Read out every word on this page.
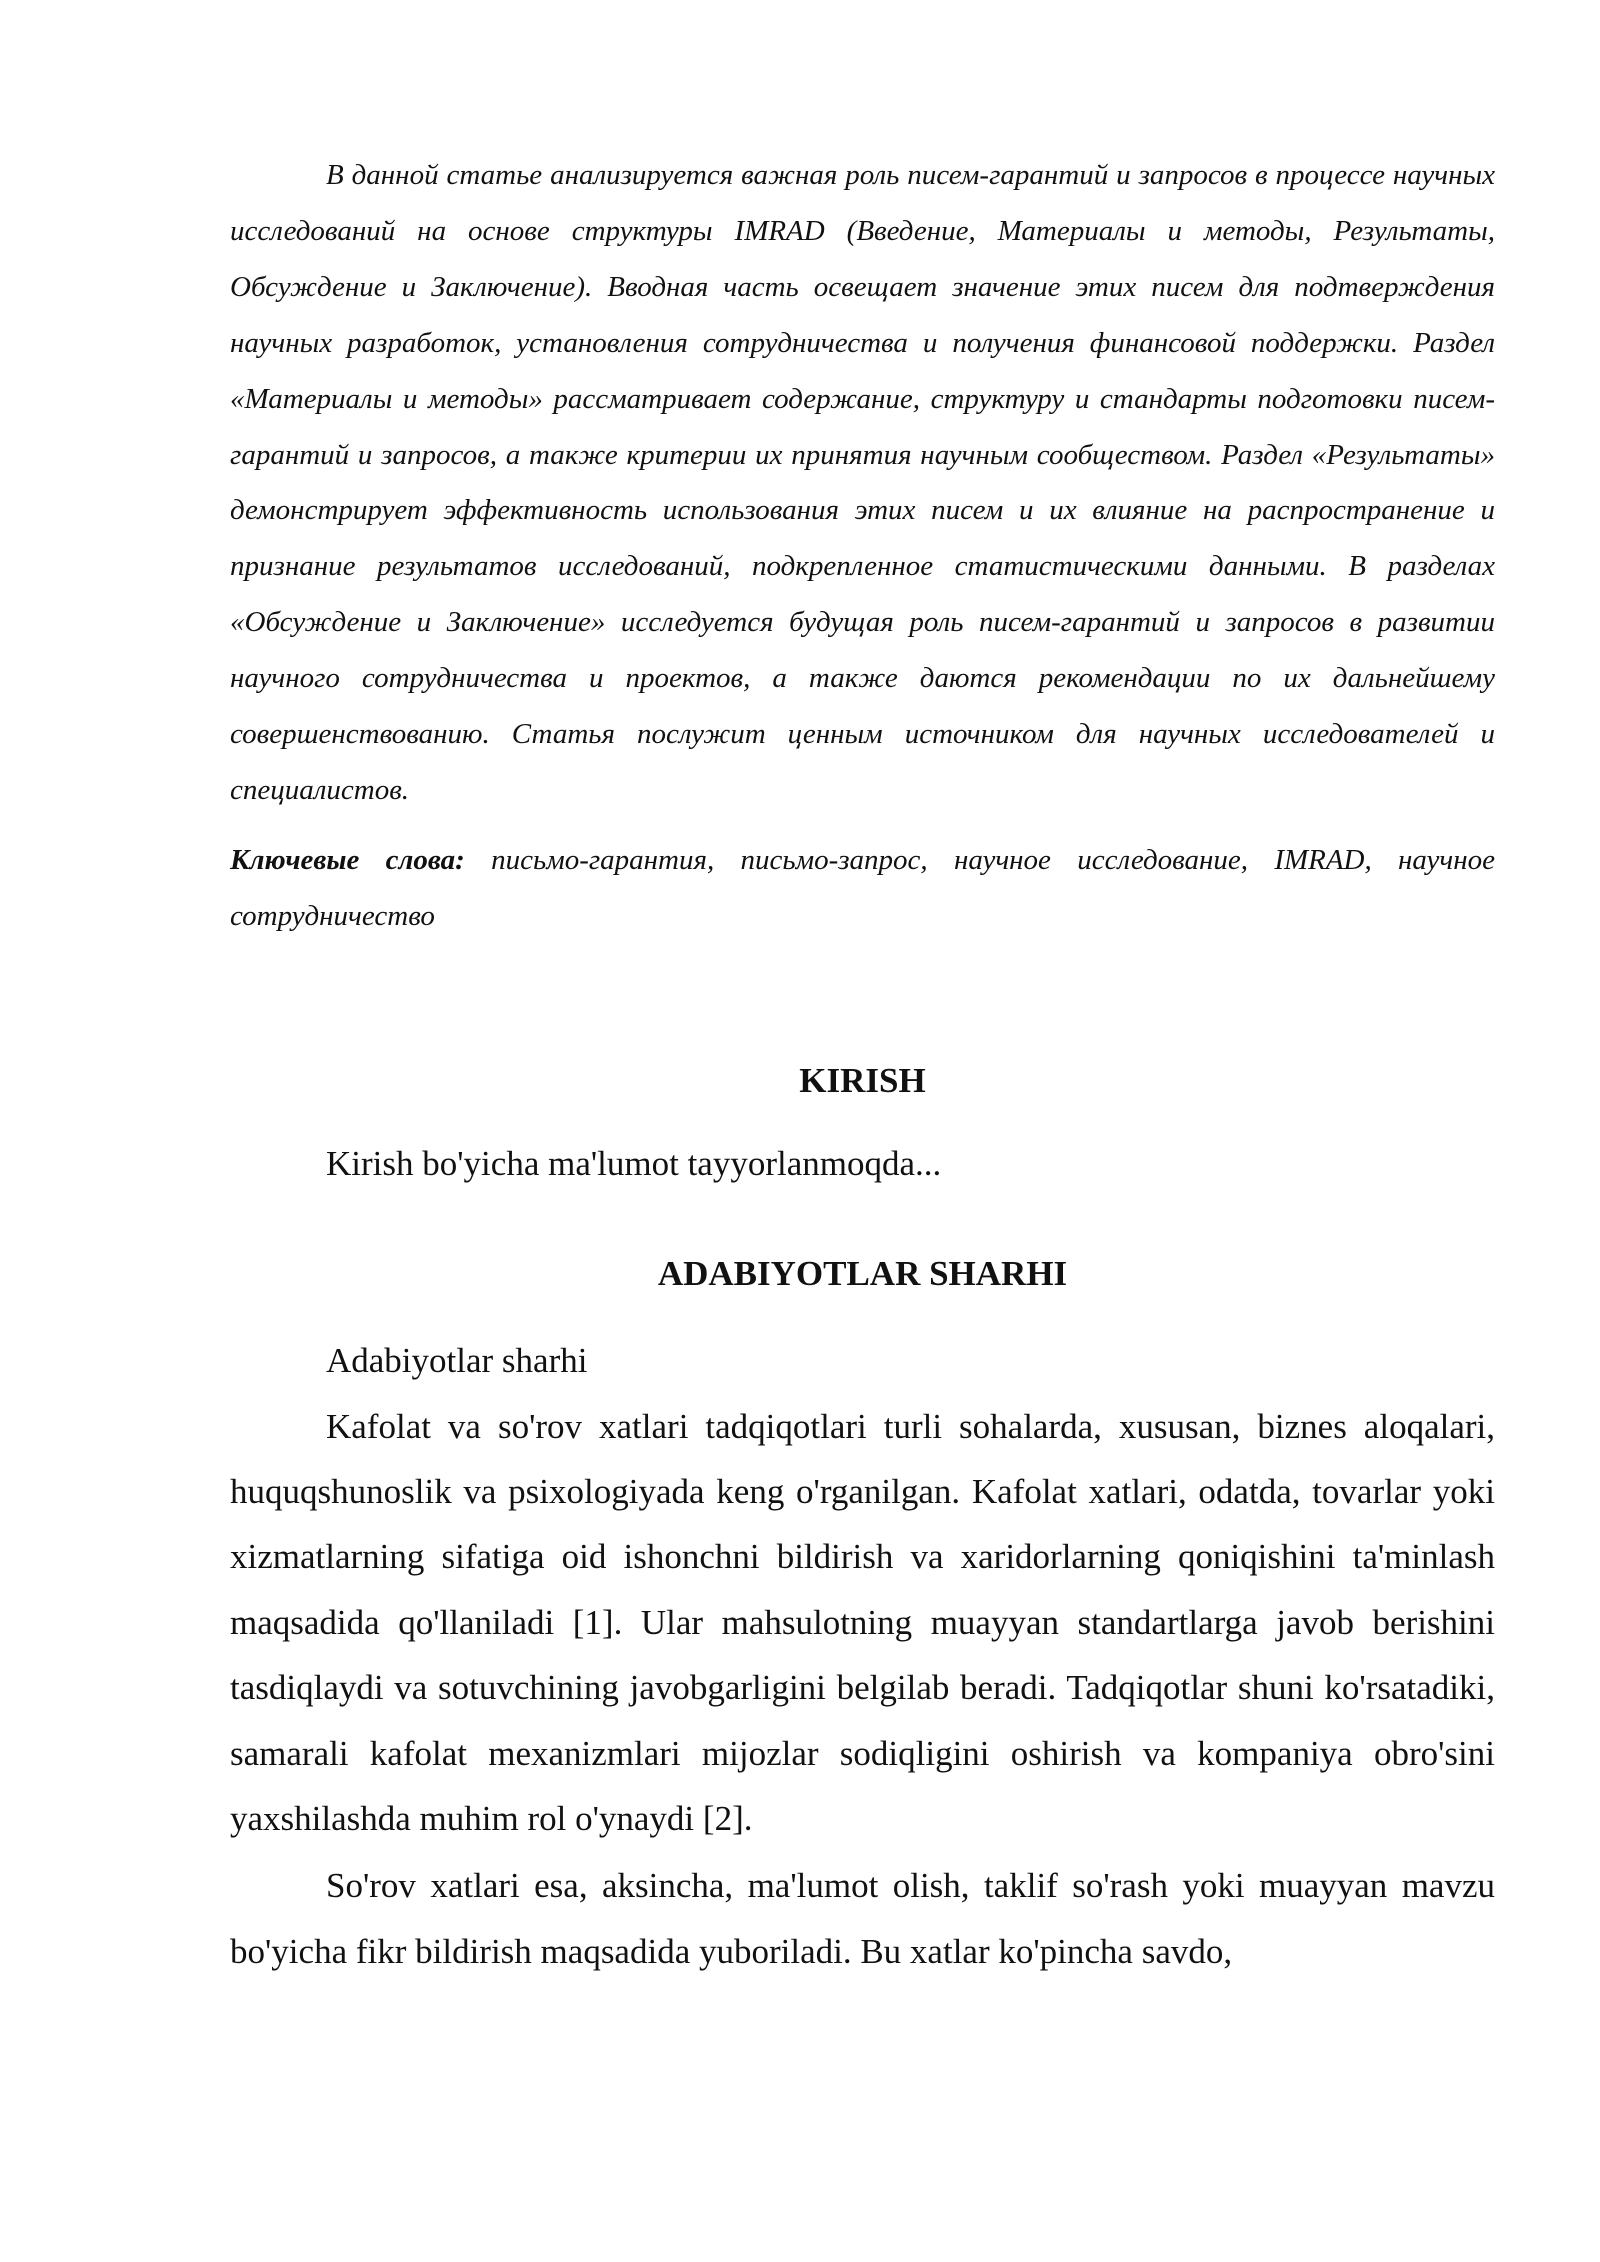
В данной статье анализируется важная роль писем-гарантий и запросов в процессе научных исследований на основе структуры IMRAD (Введение, Материалы и методы, Результаты, Обсуждение и Заключение). Вводная часть освещает значение этих писем для подтверждения научных разработок, установления сотрудничества и получения финансовой поддержки. Раздел «Материалы и методы» рассматривает содержание, структуру и стандарты подготовки писем-гарантий и запросов, а также критерии их принятия научным сообществом. Раздел «Результаты» демонстрирует эффективность использования этих писем и их влияние на распространение и признание результатов исследований, подкрепленное статистическими данными. В разделах «Обсуждение и Заключение» исследуется будущая роль писем-гарантий и запросов в развитии научного сотрудничества и проектов, а также даются рекомендации по их дальнейшему совершенствованию. Статья послужит ценным источником для научных исследователей и специалистов.

Ключевые слова: письмо-гарантия, письмо-запрос, научное исследование, IMRAD, научное сотрудничество

KIRISH

Kirish bo'yicha ma'lumot tayyorlanmoqda...

ADABIYOTLAR SHARHI

Adabiyotlar sharhi

Kafolat va so'rov xatlari tadqiqotlari turli sohalarda, xususan, biznes aloqalari, huquqshunoslik va psixologiyada keng o'rganilgan. Kafolat xatlari, odatda, tovarlar yoki xizmatlarning sifatiga oid ishonchni bildirish va xaridorlarning qoniqishini ta'minlash maqsadida qo'llaniladi [1]. Ular mahsulotning muayyan standartlarga javob berishini tasdiqlaydi va sotuvchining javobgarligini belgilab beradi. Tadqiqotlar shuni ko'rsatadiki, samarali kafolat mexanizmlari mijozlar sodiqligini oshirish va kompaniya obro'sini yaxshilashda muhim rol o'ynaydi [2].

So'rov xatlari esa, aksincha, ma'lumot olish, taklif so'rash yoki muayyan mavzu bo'yicha fikr bildirish maqsadida yuboriladi. Bu xatlar ko'pincha savdo,
